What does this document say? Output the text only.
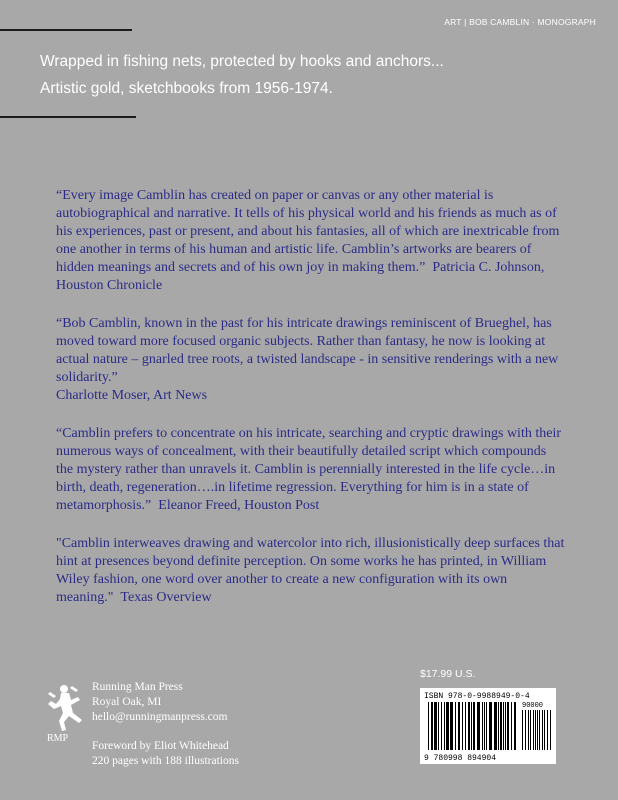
ART | BOB CAMBLIN · MONOGRAPH
Wrapped in fishing nets, protected by hooks and anchors...
Artistic gold, sketchbooks from 1956-1974.
“Every image Camblin has created on paper or canvas or any other material is autobiographical and narrative. It tells of his physical world and his friends as much as of his experiences, past or present, and about his fantasies, all of which are inextricable from one another in terms of his human and artistic life. Camblin’s artworks are bearers of hidden meanings and secrets and of his own joy in making them.” Patricia C. Johnson, Houston Chronicle
“Bob Camblin, known in the past for his intricate drawings reminiscent of Brueghel, has moved toward more focused organic subjects. Rather than fantasy, he now is looking at actual nature – gnarled tree roots, a twisted landscape - in sensitive renderings with a new solidarity.”
Charlotte Moser, Art News
“Camblin prefers to concentrate on his intricate, searching and cryptic drawings with their numerous ways of concealment, with their beautifully detailed script which compounds the mystery rather than unravels it. Camblin is perennially interested in the life cycle…in birth, death, regeneration….in lifetime regression. Everything for him is in a state of metamorphosis.” Eleanor Freed, Houston Post
"Camblin interweaves drawing and watercolor into rich, illusionistically deep surfaces that hint at presences beyond definite perception. On some works he has printed, in William Wiley fashion, one word over another to create a new configuration with its own meaning." Texas Overview
RMP
Running Man Press
Royal Oak, MI
hello@runningmanpress.com
Foreword by Eliot Whitehead
220 pages with 188 illustrations
$17.99 U.S.
ISBN 978-0-9988949-0-4
90000
9 780998 894904
